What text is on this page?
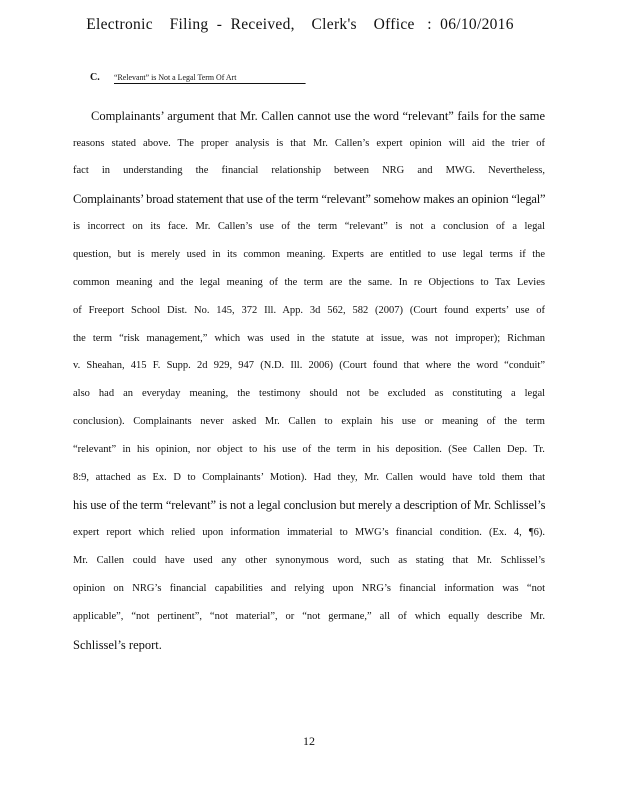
Electronic    Filing  -  Received,    Clerk's    Office   :  06/10/2016
C. “Relevant” is Not a Legal Term Of Art
Complainants’ argument that Mr. Callen cannot use the word “relevant” fails for the same
reasons stated above. The proper analysis is that Mr. Callen’s expert opinion will aid the trier of
fact in understanding the financial relationship between NRG and MWG. Nevertheless,
Complainants’ broad statement that use of the term “relevant” somehow makes an opinion “legal”
is incorrect on its face. Mr. Callen’s use of the term “relevant” is not a conclusion of a legal
question, but is merely used in its common meaning. Experts are entitled to use legal terms if the
common meaning and the legal meaning of the term are the same. In re Objections to Tax Levies
of Freeport School Dist. No. 145, 372 Ill. App. 3d 562, 582 (2007) (Court found experts’ use of
the term “risk management,” which was used in the statute at issue, was not improper); Richman
v. Sheahan, 415 F. Supp. 2d 929, 947 (N.D. Ill. 2006) (Court found that where the word “conduit”
also had an everyday meaning, the testimony should not be excluded as constituting a legal
conclusion). Complainants never asked Mr. Callen to explain his use or meaning of the term
“relevant” in his opinion, nor object to his use of the term in his deposition. (See Callen Dep. Tr.
8:9, attached as Ex. D to Complainants’ Motion). Had they, Mr. Callen would have told them that
his use of the term “relevant” is not a legal conclusion but merely a description of Mr. Schlissel’s
expert report which relied upon information immaterial to MWG’s financial condition. (Ex. 4, ¶6).
Mr. Callen could have used any other synonymous word, such as stating that Mr. Schlissel’s
opinion on NRG’s financial capabilities and relying upon NRG’s financial information was “not
applicable”, “not pertinent”, “not material”, or “not germane,” all of which equally describe Mr.
Schlissel’s report.
12
